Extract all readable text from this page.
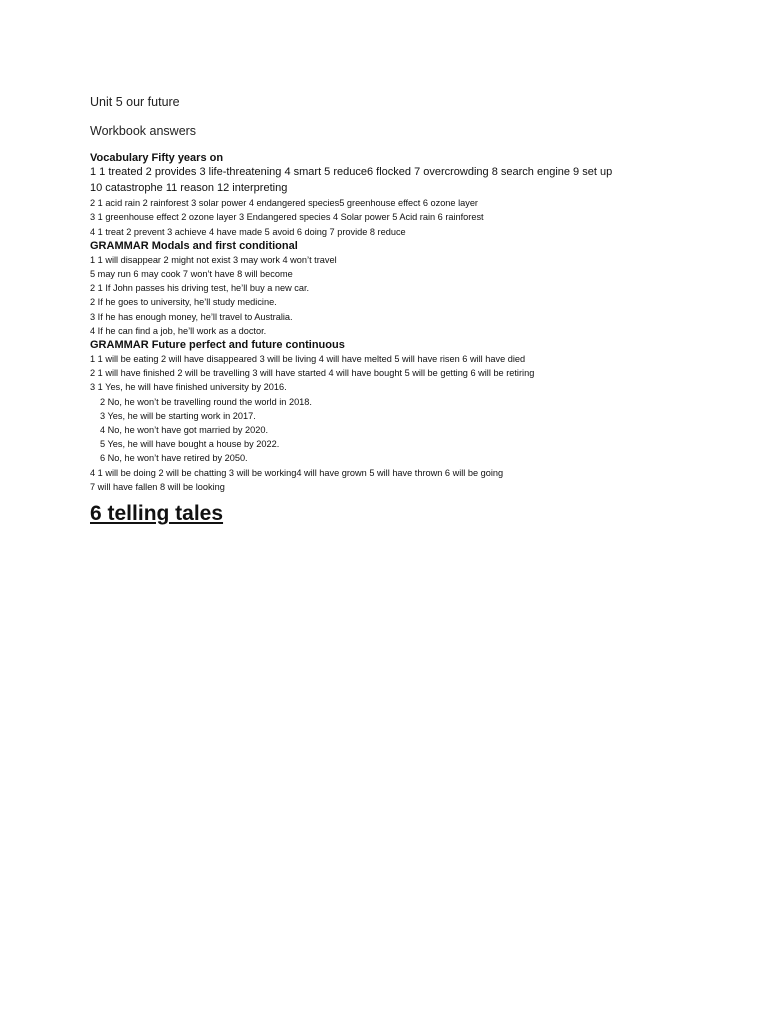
Unit 5 our future

Workbook answers

Vocabulary Fifty years on

1 1 treated 2 provides 3 life-threatening 4 smart 5 reduce6 flocked 7 overcrowding 8 search engine 9 set up

10 catastrophe 11 reason 12 interpreting

2 1 acid rain 2 rainforest 3 solar power 4 endangered species5 greenhouse effect 6 ozone layer

3 1 greenhouse effect 2 ozone layer 3 Endangered species 4 Solar power 5 Acid rain 6 rainforest

4 1 treat 2 prevent 3 achieve 4 have made 5 avoid 6 doing 7 provide 8 reduce

GRAMMAR Modals and first conditional

1 1 will disappear 2 might not exist 3 may work 4 won’t travel

5 may run 6 may cook 7 won’t have 8 will become

2 1 If John passes his driving test, he’ll buy a new car.

2 If he goes to university, he’ll study medicine.

3 If he has enough money, he’ll travel to Australia.

4 If he can find a job, he’ll work as a doctor.

GRAMMAR Future perfect and future continuous

1 1 will be eating 2 will have disappeared 3 will be living 4 will have melted 5 will have risen 6 will have died

2 1 will have finished 2 will be travelling 3 will have started 4 will have bought 5 will be getting 6 will be retiring

3 1 Yes, he will have finished university by 2016.

2 No, he won’t be travelling round the world in 2018.

3 Yes, he will be starting work in 2017.

4 No, he won’t have got married by 2020.

5 Yes, he will have bought a house by 2022.

6 No, he won’t have retired by 2050.

4 1 will be doing 2 will be chatting 3 will be working4 will have grown 5 will have thrown 6 will be going

7 will have fallen 8 will be looking

6 telling tales
